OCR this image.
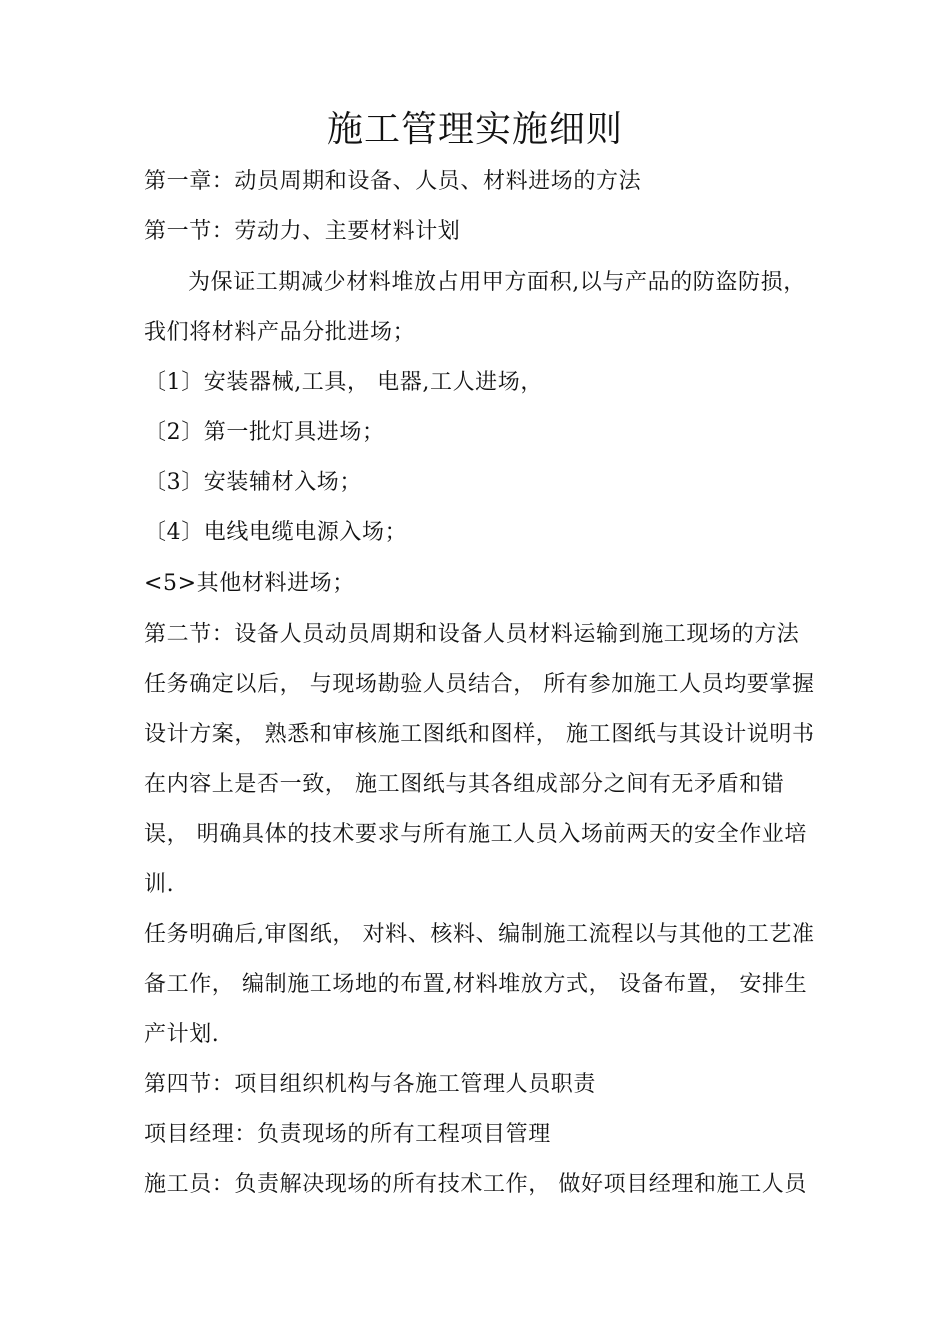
施工管理实施细则
第一章：动员周期和设备、人员、材料进场的方法
第一节：劳动力、主要材料计划
为保证工期减少材料堆放占用甲方面积,以与产品的防盗防损，
我们将材料产品分批进场；
〔1〕安装器械,工具， 电器,工人进场，
〔2〕第一批灯具进场；
〔3〕安装辅材入场；
〔4〕电线电缆电源入场；
<5>其他材料进场；
第二节：设备人员动员周期和设备人员材料运输到施工现场的方法
任务确定以后， 与现场勘验人员结合， 所有参加施工人员均要掌握
设计方案， 熟悉和审核施工图纸和图样， 施工图纸与其设计说明书
在内容上是否一致， 施工图纸与其各组成部分之间有无矛盾和错
误， 明确具体的技术要求与所有施工人员入场前两天的安全作业培
训.
任务明确后,审图纸， 对料、核料、编制施工流程以与其他的工艺准
备工作， 编制施工场地的布置,材料堆放方式， 设备布置， 安排生
产计划.
第四节：项目组织机构与各施工管理人员职责
项目经理：负责现场的所有工程项目管理
施工员：负责解决现场的所有技术工作， 做好项目经理和施工人员
